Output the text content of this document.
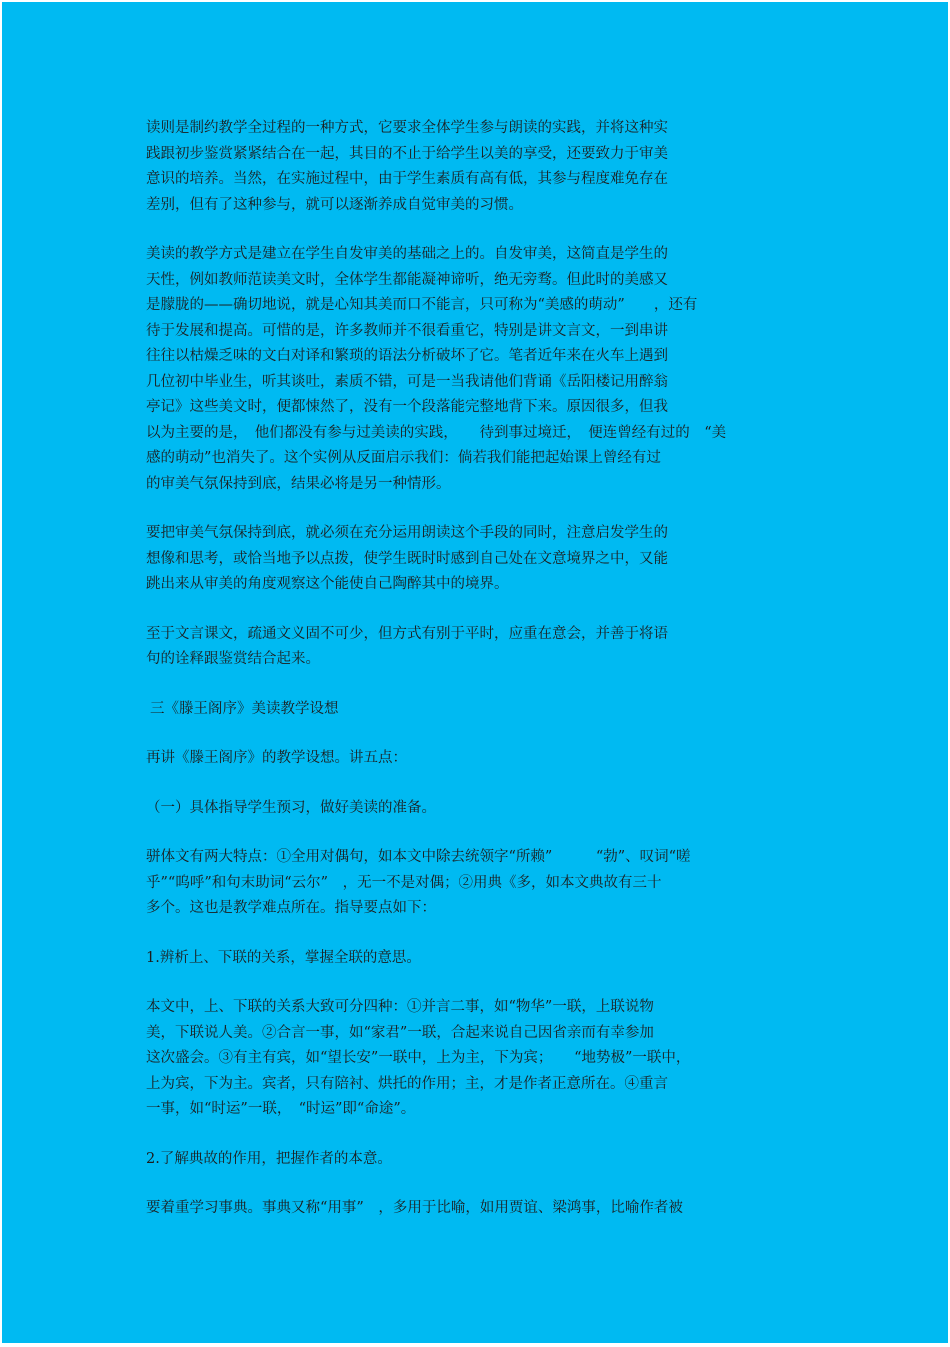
读则是制约教学全过程的一种方式，它要求全体学生参与朗读的实践，并将这种实
践跟初步鉴赏紧紧结合在一起，其目的不止于给学生以美的享受，还要致力于审美
意识的培养。当然，在实施过程中，由于学生素质有高有低，其参与程度难免存在
差别，但有了这种参与，就可以逐渐养成自觉审美的习惯。
美读的教学方式是建立在学生自发审美的基础之上的。自发审美，这简直是学生的
天性，例如教师范读美文时，全体学生都能凝神谛听，绝无旁骛。但此时的美感又
是朦胧的——确切地说，就是心知其美而口不能言，只可称为“美感的萌动”　　，还有
待于发展和提高。可惜的是，许多教师并不很看重它，特别是讲文言文，一到串讲
往往以枯燥乏味的文白对译和繁琐的语法分析破坏了它。笔者近年来在火车上遇到
几位初中毕业生，听其谈吐，素质不错，可是一当我请他们背诵《岳阳楼记用醉翁
亭记》这些美文时，便都悚然了，没有一个段落能完整地背下来。原因很多，但我
以为主要的是，　他们都没有参与过美读的实践，　　待到事过境迁，　便连曾经有过的　“美
感的萌动”也消失了。这个实例从反面启示我们：倘若我们能把起始课上曾经有过
的审美气氛保持到底，结果必将是另一种情形。
要把审美气氛保持到底，就必须在充分运用朗读这个手段的同时，注意启发学生的
想像和思考，或恰当地予以点拨，使学生既时时感到自己处在文意境界之中，又能
跳出来从审美的角度观察这个能使自己陶醉其中的境界。
至于文言课文，疏通文义固不可少，但方式有别于平时，应重在意会，并善于将语
句的诠释跟鉴赏结合起来。
三《滕王阁序》美读教学设想
再讲《滕王阁序》的教学设想。讲五点：
（一）具体指导学生预习，做好美读的准备。
骈体文有两大特点：①全用对偶句，如本文中除去统领字“所赖”　　　“勃”、叹词“嗟
乎”“呜呼”和句末助词“云尔”　，无一不是对偶；②用典《多，如本文典故有三十
多个。这也是教学难点所在。指导要点如下：
1.辨析上、下联的关系，掌握全联的意思。
本文中，上、下联的关系大致可分四种：①并言二事，如“物华”一联，上联说物
美，下联说人美。②合言一事，如“家君”一联，合起来说自己因省亲而有幸参加
这次盛会。③有主有宾，如“望长安”一联中，上为主，下为宾；　　“地势极”一联中，
上为宾，下为主。宾者，只有陪衬、烘托的作用；主，才是作者正意所在。④重言
一事，如“时运”一联，　“时运”即“命途”。
2.了解典故的作用，把握作者的本意。
要着重学习事典。事典又称“用事”　，多用于比喻，如用贾谊、梁鸿事，比喻作者被
